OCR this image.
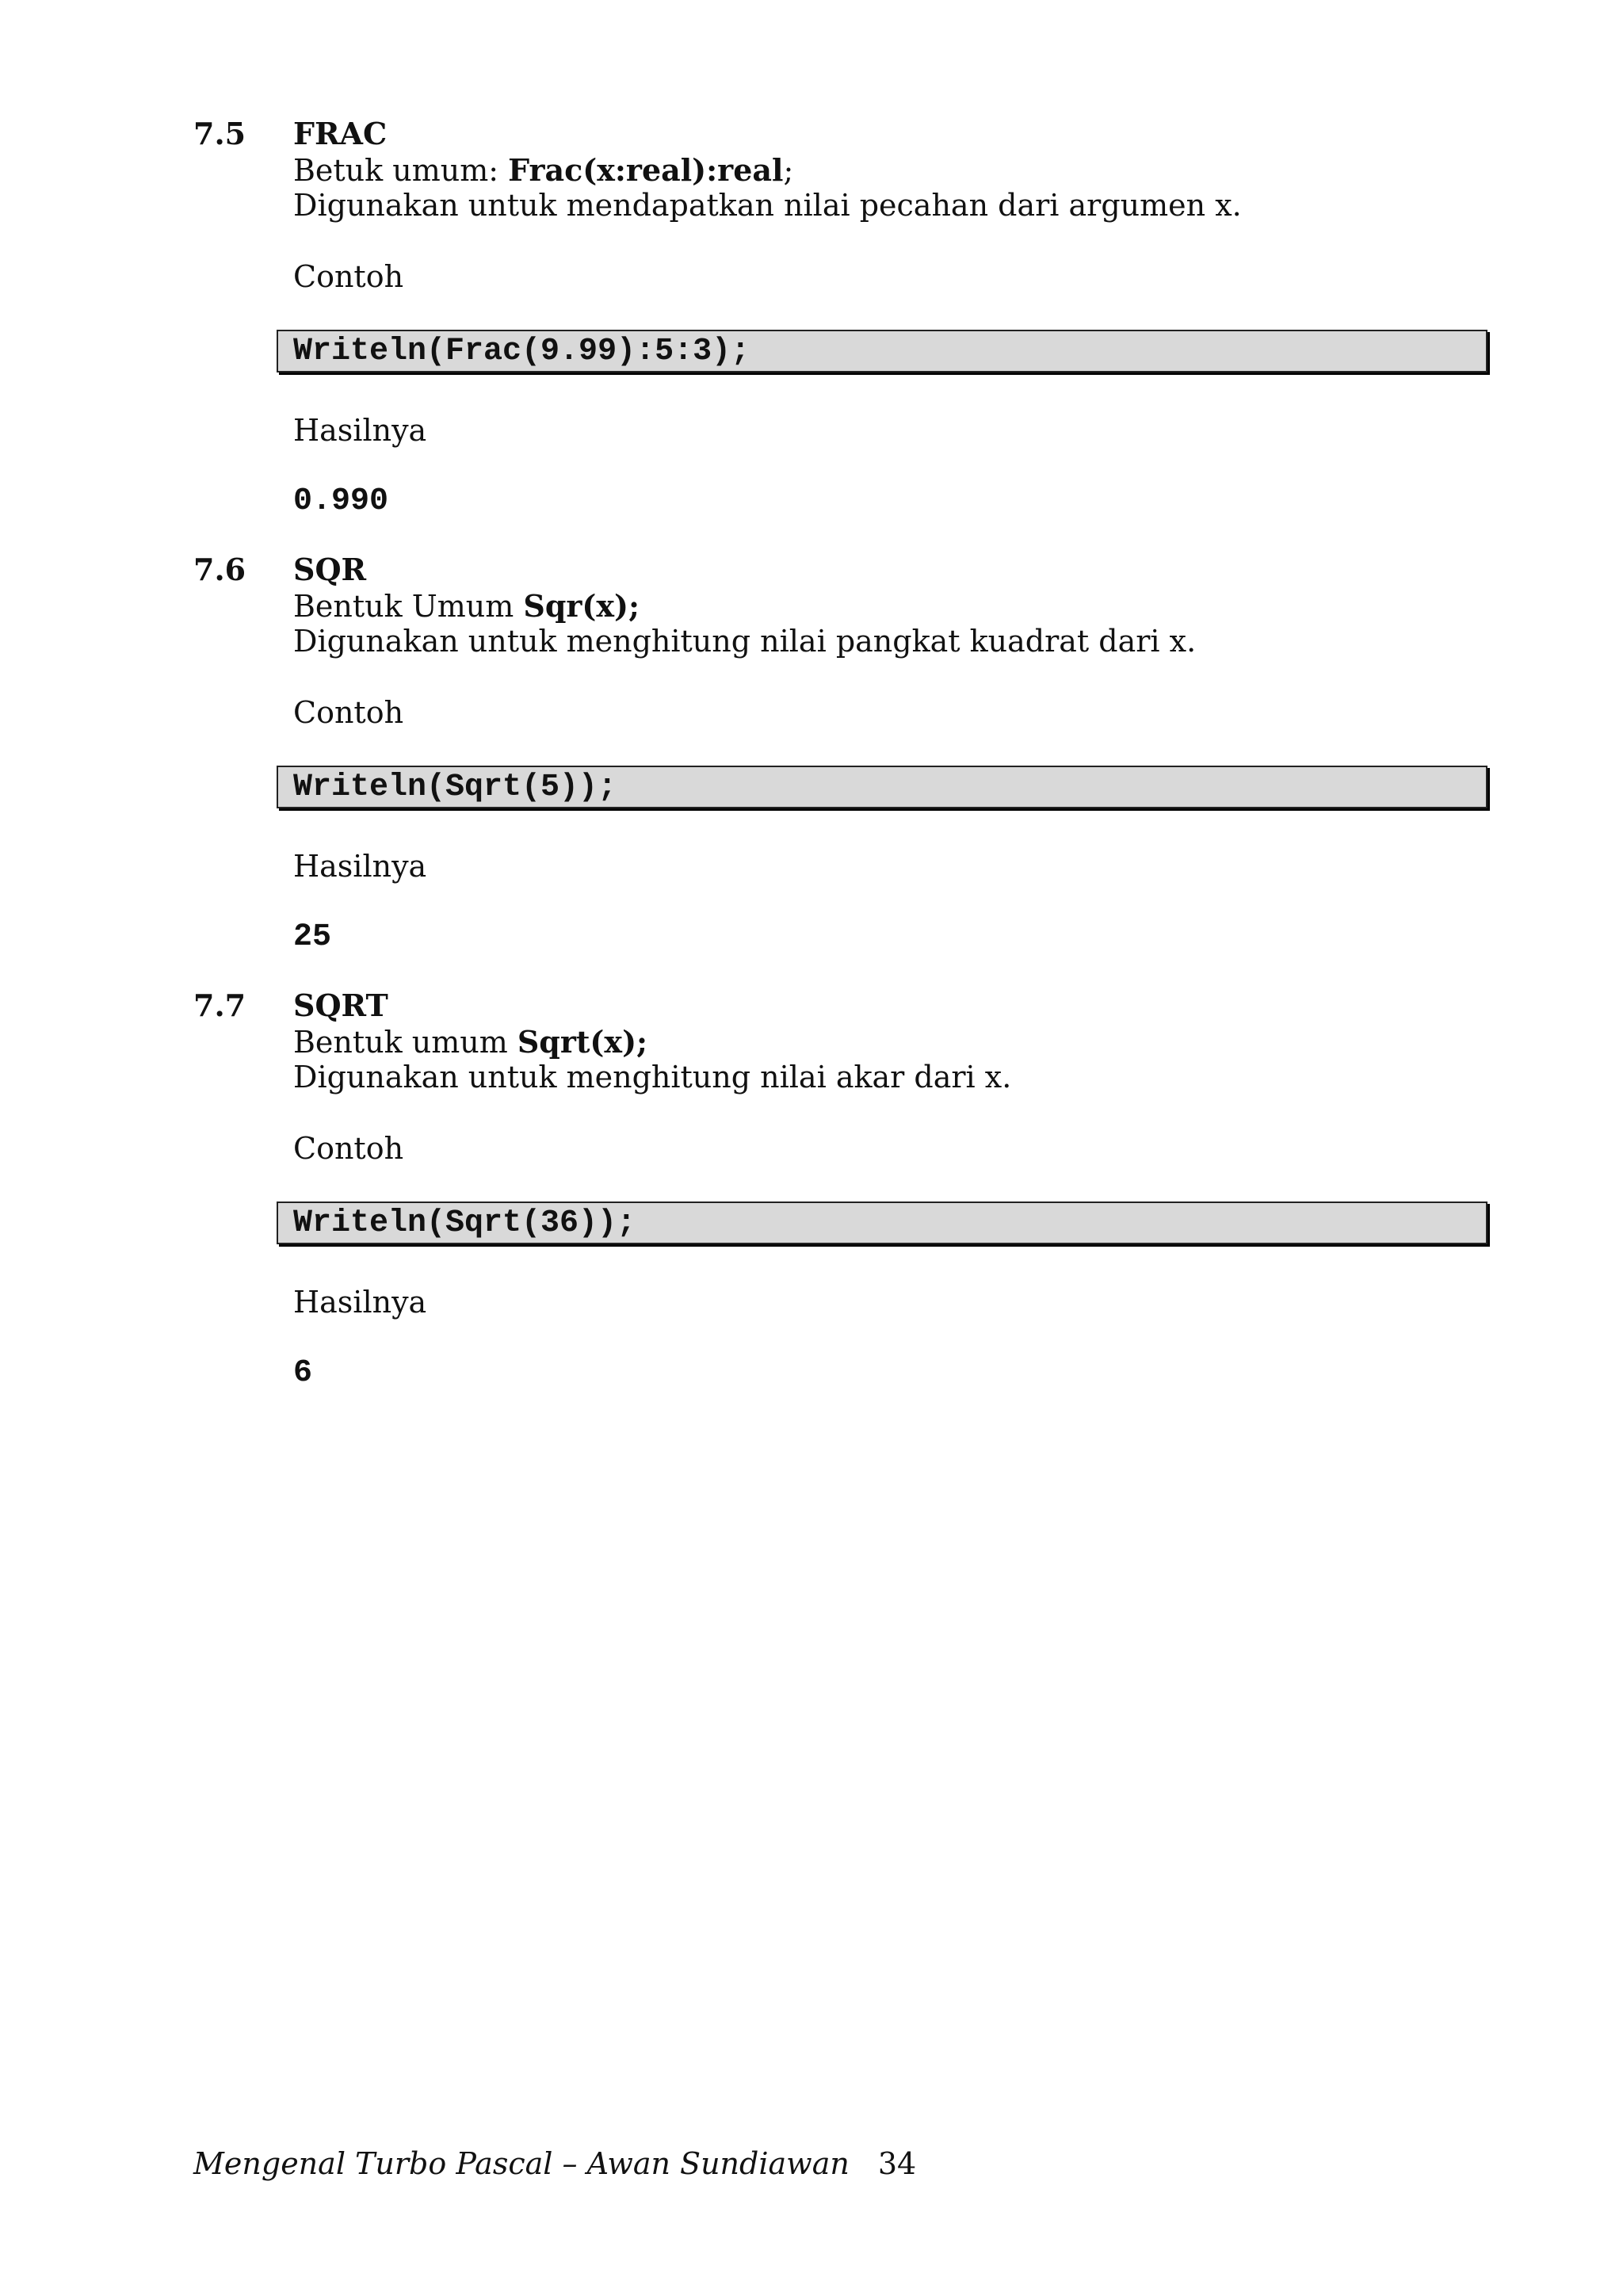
7.5 FRAC
Betuk umum: Frac(x:real):real;
Digunakan untuk mendapatkan nilai pecahan dari argumen x.
Contoh
Writeln(Frac(9.99):5:3);
Hasilnya
0.990
7.6 SQR
Bentuk Umum Sqr(x);
Digunakan untuk menghitung nilai pangkat kuadrat dari x.
Contoh
Writeln(Sqrt(5));
Hasilnya
25
7.7 SQRT
Bentuk umum Sqrt(x);
Digunakan untuk menghitung nilai akar dari x.
Contoh
Writeln(Sqrt(36));
Hasilnya
6
Mengenal Turbo Pascal – Awan Sundiawan 34
